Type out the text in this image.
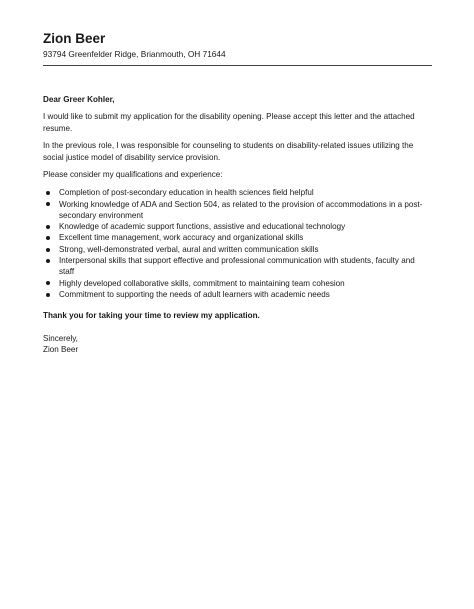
Zion Beer
93794 Greenfelder Ridge, Brianmouth, OH 71644

Dear Greer Kohler,

I would like to submit my application for the disability opening. Please accept this letter and the attached resume.

In the previous role, I was responsible for counseling to students on disability-related issues utilizing the social justice model of disability service provision.

Please consider my qualifications and experience:

Completion of post-secondary education in health sciences field helpful
Working knowledge of ADA and Section 504, as related to the provision of accommodations in a post-secondary environment
Knowledge of academic support functions, assistive and educational technology
Excellent time management, work accuracy and organizational skills
Strong, well-demonstrated verbal, aural and written communication skills
Interpersonal skills that support effective and professional communication with students, faculty and staff
Highly developed collaborative skills, commitment to maintaining team cohesion
Commitment to supporting the needs of adult learners with academic needs

Thank you for taking your time to review my application.

Sincerely,

Zion Beer
